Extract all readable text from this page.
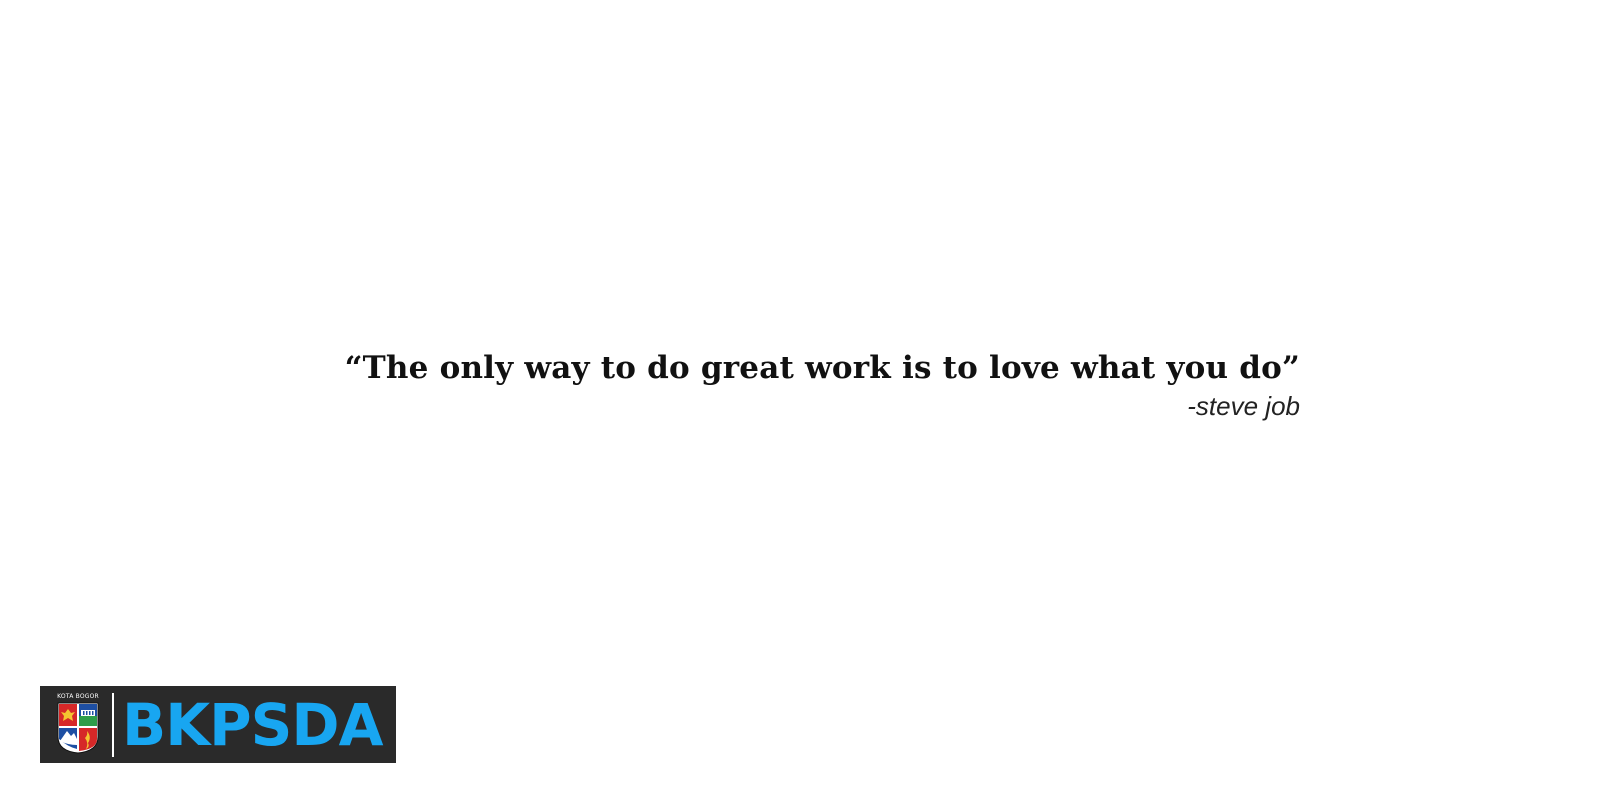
“The only way to do great work is to love what you do”

-steve job

KOTA BOGOR BKPSDA
